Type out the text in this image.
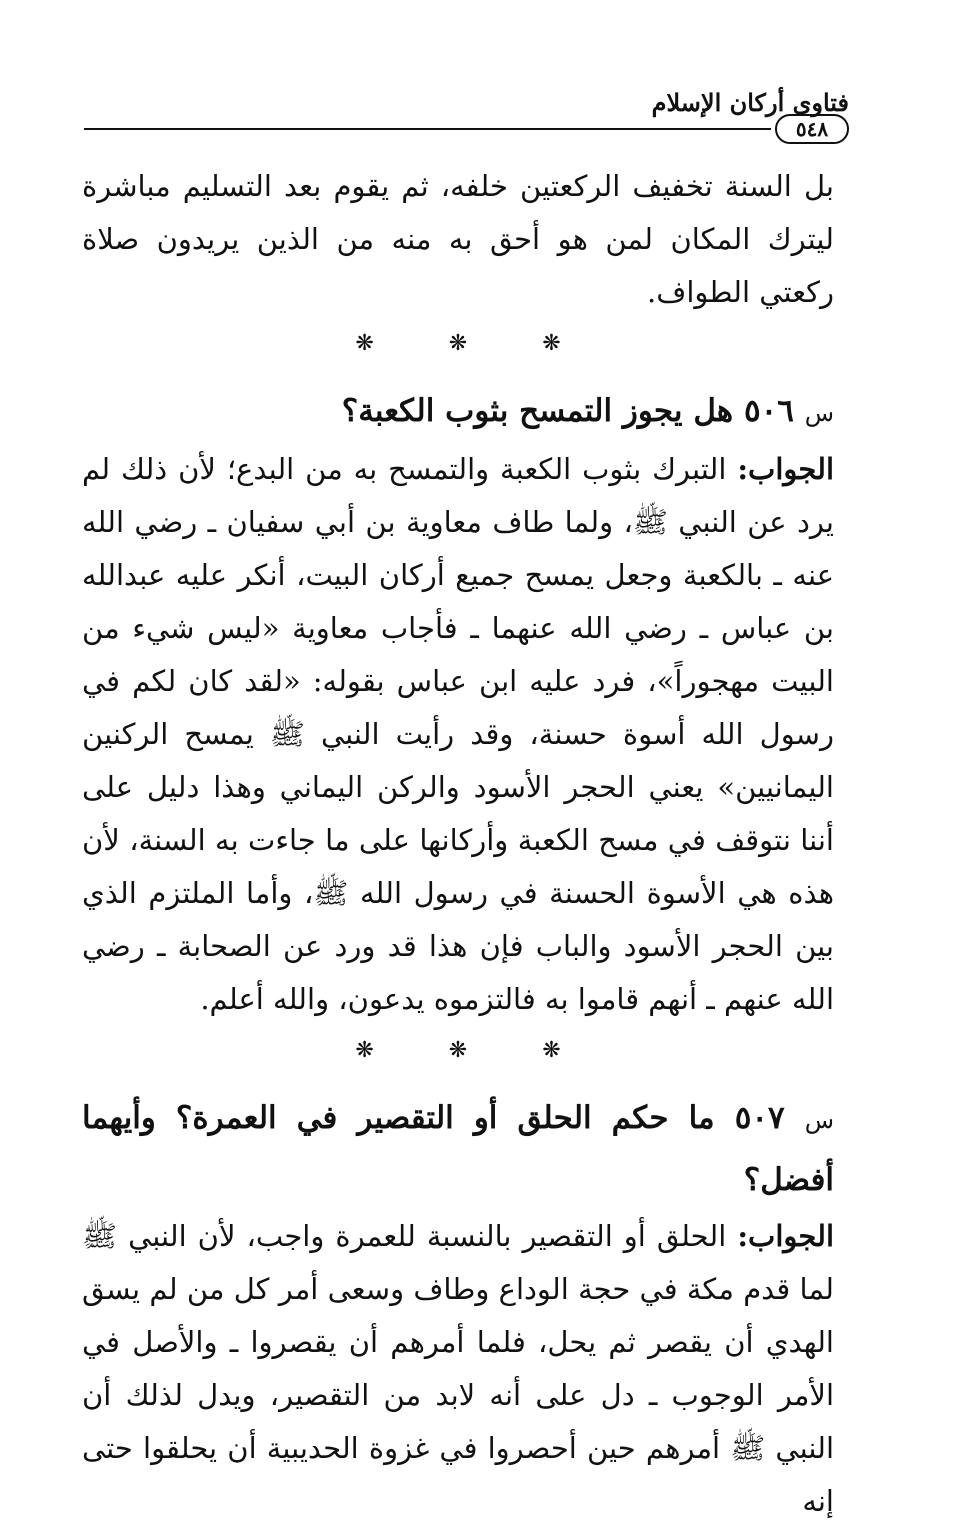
فتاوى أركان الإسلام
٥٤٨

بل السنة تخفيف الركعتين خلفه، ثم يقوم بعد التسليم مباشرة ليترك المكان لمن هو أحق به منه من الذين يريدون صلاة ركعتي الطواف.

❋ ❋ ❋

س ٥٠٦ هل يجوز التمسح بثوب الكعبة؟

الجواب: التبرك بثوب الكعبة والتمسح به من البدع؛ لأن ذلك لم يرد عن النبي ﷺ، ولما طاف معاوية بن أبي سفيان ـ رضي الله عنه ـ بالكعبة وجعل يمسح جميع أركان البيت، أنكر عليه عبدالله بن عباس ـ رضي الله عنهما ـ فأجاب معاوية «ليس شيء من البيت مهجوراً»، فرد عليه ابن عباس بقوله: «لقد كان لكم في رسول الله أسوة حسنة، وقد رأيت النبي ﷺ يمسح الركنين اليمانيين» يعني الحجر الأسود والركن اليماني وهذا دليل على أننا نتوقف في مسح الكعبة وأركانها على ما جاءت به السنة، لأن هذه هي الأسوة الحسنة في رسول الله ﷺ، وأما الملتزم الذي بين الحجر الأسود والباب فإن هذا قد ورد عن الصحابة ـ رضي الله عنهم ـ أنهم قاموا به فالتزموه يدعون، والله أعلم.

❋ ❋ ❋

س ٥٠٧ ما حكم الحلق أو التقصير في العمرة؟ وأيهما أفضل؟

الجواب: الحلق أو التقصير بالنسبة للعمرة واجب، لأن النبي ﷺ لما قدم مكة في حجة الوداع وطاف وسعى أمر كل من لم يسق الهدي أن يقصر ثم يحل، فلما أمرهم أن يقصروا ـ والأصل في الأمر الوجوب ـ دل على أنه لابد من التقصير، ويدل لذلك أن النبي ﷺ أمرهم حين أحصروا في غزوة الحديبية أن يحلقوا حتى إنه
